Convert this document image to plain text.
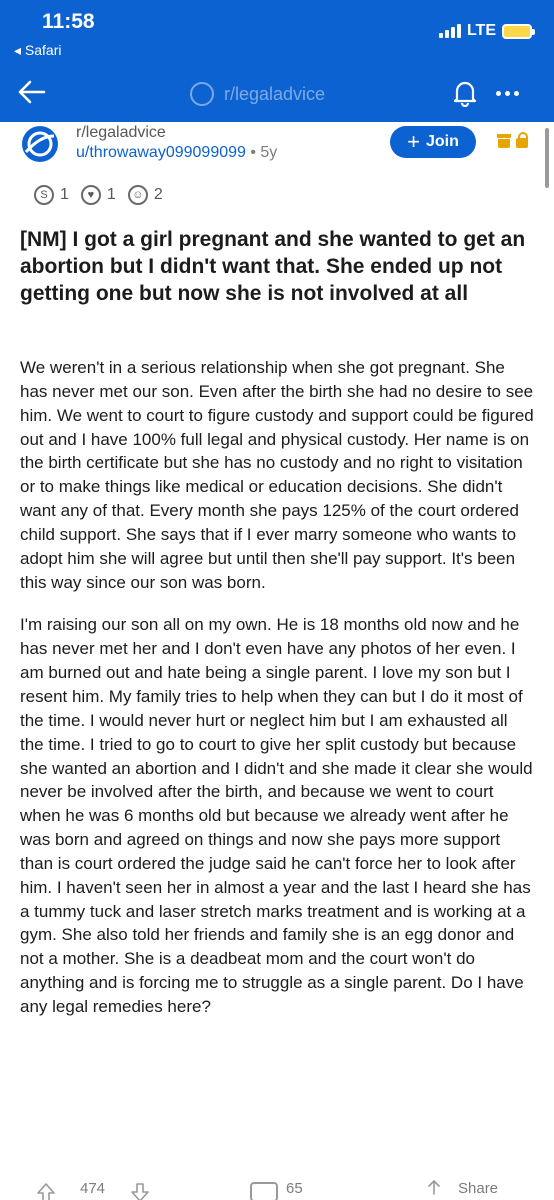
11:58
◂ Safari
LTE
r/legaladvice
r/legaladvice
u/throwaway099099099 • 5y	+ Join
S 1	♥ 1	☺ 2
[NM] I got a girl pregnant and she wanted to get an abortion but I didn't want that. She ended up not getting one but now she is not involved at all

We weren't in a serious relationship when she got pregnant. She has never met our son. Even after the birth she had no desire to see him. We went to court to figure custody and support could be figured out and I have 100% full legal and physical custody. Her name is on the birth certificate but she has no custody and no right to visitation or to make things like medical or education decisions. She didn't want any of that. Every month she pays 125% of the court ordered child support. She says that if I ever marry someone who wants to adopt him she will agree but until then she'll pay support. It's been this way since our son was born.

I'm raising our son all on my own. He is 18 months old now and he has never met her and I don't even have any photos of her even. I am burned out and hate being a single parent. I love my son but I resent him. My family tries to help when they can but I do it most of the time. I would never hurt or neglect him but I am exhausted all the time. I tried to go to court to give her split custody but because she wanted an abortion and I didn't and she made it clear she would never be involved after the birth, and because we went to court when he was 6 months old but because we already went after he was born and agreed on things and now she pays more support than is court ordered the judge said he can't force her to look after him. I haven't seen her in almost a year and the last I heard she has a tummy tuck and laser stretch marks treatment and is working at a gym. She also told her friends and family she is an egg donor and not a mother. She is a deadbeat mom and the court won't do anything and is forcing me to struggle as a single parent. Do I have any legal remedies here?

474	65	Share
